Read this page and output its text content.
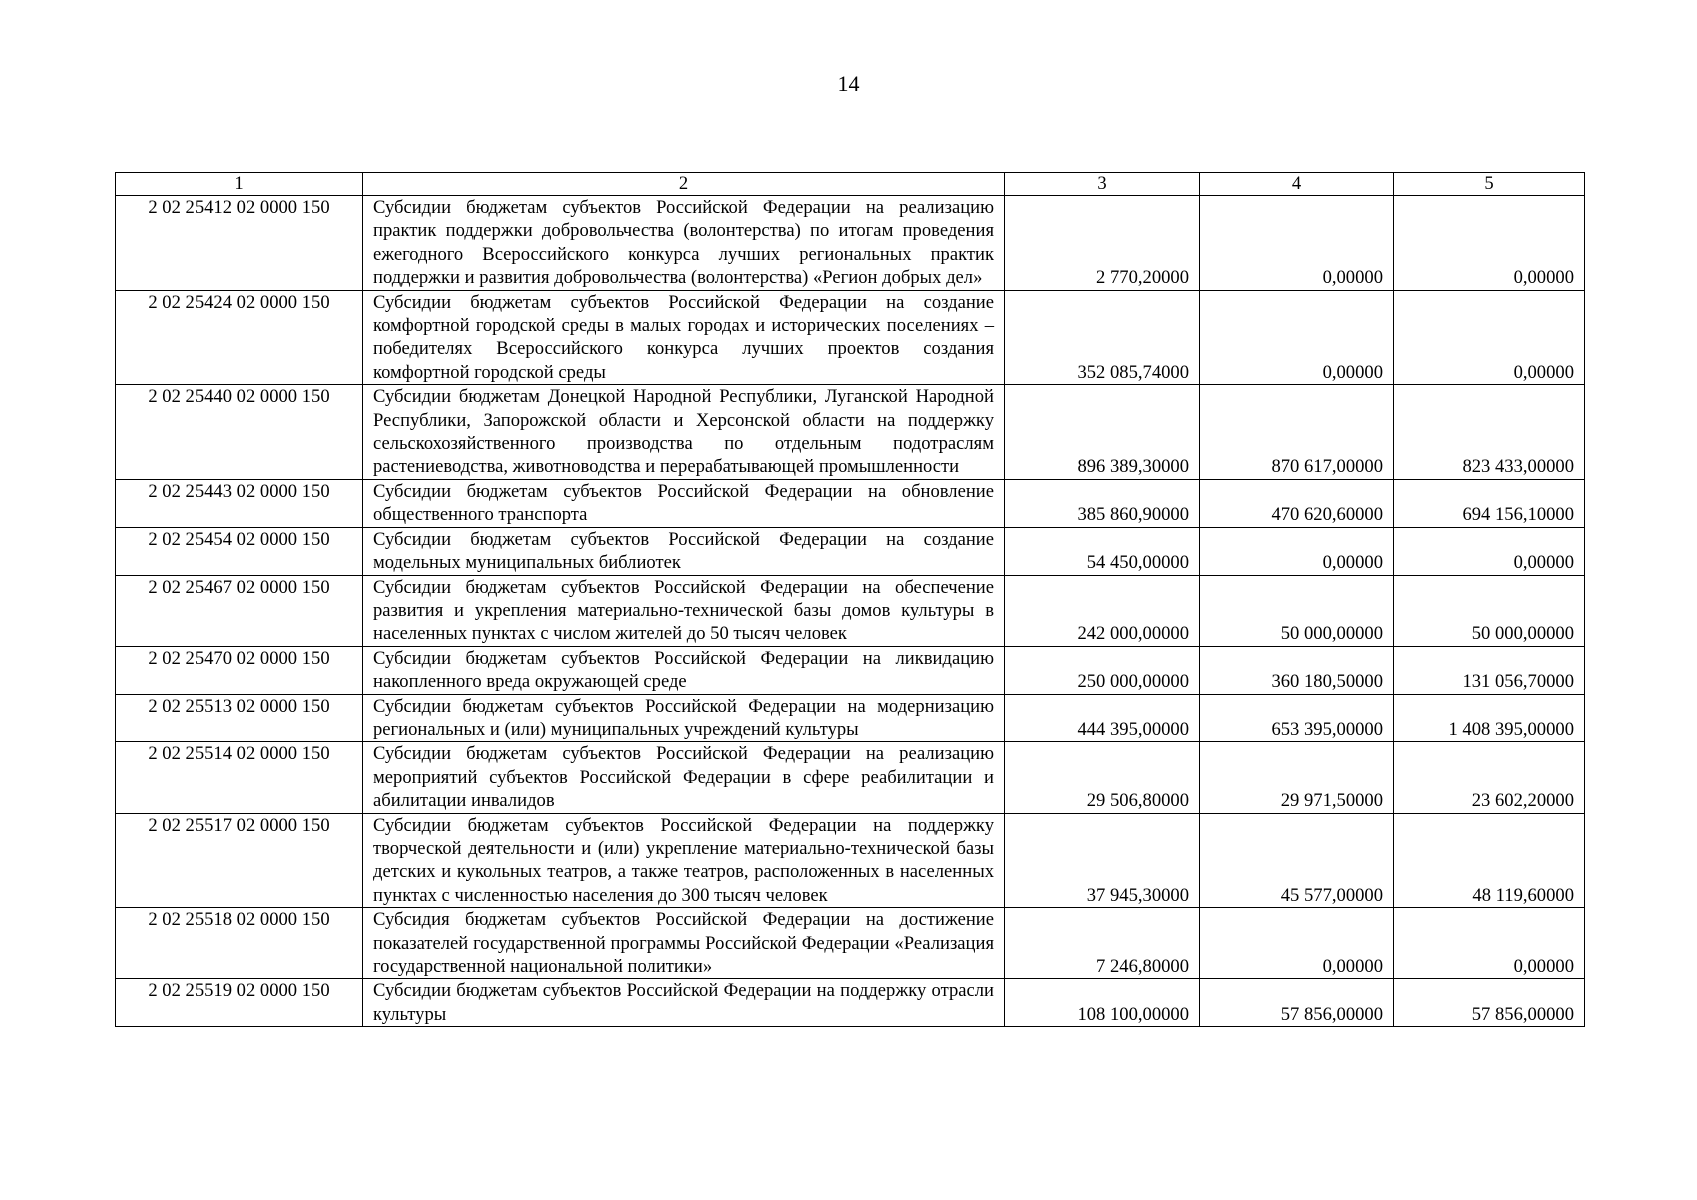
14
1	2	3	4	5
2 02 25412 02 0000 150	Субсидии бюджетам субъектов Российской Федерации на реализацию практик поддержки добровольчества (волонтерства) по итогам проведения ежегодного Всероссийского конкурса лучших региональных практик поддержки и развития добровольчества (волонтерства) «Регион добрых дел»	2 770,20000	0,00000	0,00000
2 02 25424 02 0000 150	Субсидии бюджетам субъектов Российской Федерации на создание комфортной городской среды в малых городах и исторических поселениях – победителях Всероссийского конкурса лучших проектов создания комфортной городской среды	352 085,74000	0,00000	0,00000
2 02 25440 02 0000 150	Субсидии бюджетам Донецкой Народной Республики, Луганской Народной Республики, Запорожской области и Херсонской области на поддержку сельскохозяйственного производства по отдельным подотраслям растениеводства, животноводства и перерабатывающей промышленности	896 389,30000	870 617,00000	823 433,00000
2 02 25443 02 0000 150	Субсидии бюджетам субъектов Российской Федерации на обновление общественного транспорта	385 860,90000	470 620,60000	694 156,10000
2 02 25454 02 0000 150	Субсидии бюджетам субъектов Российской Федерации на создание модельных муниципальных библиотек	54 450,00000	0,00000	0,00000
2 02 25467 02 0000 150	Субсидии бюджетам субъектов Российской Федерации на обеспечение развития и укрепления материально-технической базы домов культуры в населенных пунктах с числом жителей до 50 тысяч человек	242 000,00000	50 000,00000	50 000,00000
2 02 25470 02 0000 150	Субсидии бюджетам субъектов Российской Федерации на ликвидацию накопленного вреда окружающей среде	250 000,00000	360 180,50000	131 056,70000
2 02 25513 02 0000 150	Субсидии бюджетам субъектов Российской Федерации на модернизацию региональных и (или) муниципальных учреждений культуры	444 395,00000	653 395,00000	1 408 395,00000
2 02 25514 02 0000 150	Субсидии бюджетам субъектов Российской Федерации на реализацию мероприятий субъектов Российской Федерации в сфере реабилитации и абилитации инвалидов	29 506,80000	29 971,50000	23 602,20000
2 02 25517 02 0000 150	Субсидии бюджетам субъектов Российской Федерации на поддержку творческой деятельности и (или) укрепление материально-технической базы детских и кукольных театров, а также театров, расположенных в населенных пунктах с численностью населения до 300 тысяч человек	37 945,30000	45 577,00000	48 119,60000
2 02 25518 02 0000 150	Субсидия бюджетам субъектов Российской Федерации на достижение показателей государственной программы Российской Федерации «Реализация государственной национальной политики»	7 246,80000	0,00000	0,00000
2 02 25519 02 0000 150	Субсидии бюджетам субъектов Российской Федерации на поддержку отрасли культуры	108 100,00000	57 856,00000	57 856,00000
